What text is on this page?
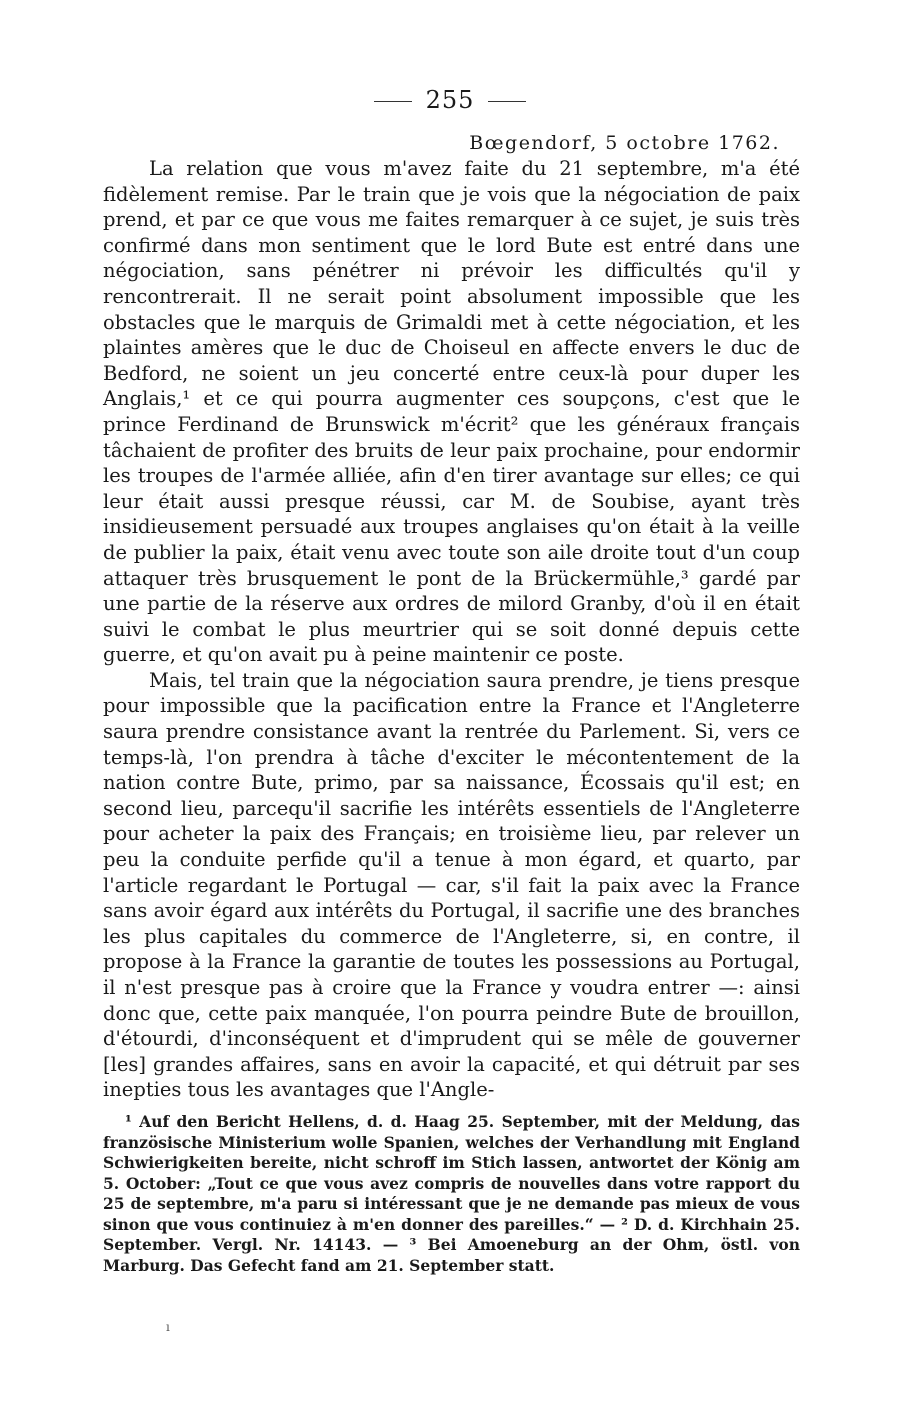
255
Bœgendorf, 5 octobre 1762.

La relation que vous m'avez faite du 21 septembre, m'a été fidèlement remise. Par le train que je vois que la négociation de paix prend, et par ce que vous me faites remarquer à ce sujet, je suis très confirmé dans mon sentiment que le lord Bute est entré dans une négociation, sans pénétrer ni prévoir les difficultés qu'il y rencontrerait. Il ne serait point absolument impossible que les obstacles que le marquis de Grimaldi met à cette négociation, et les plaintes amères que le duc de Choiseul en affecte envers le duc de Bedford, ne soient un jeu concerté entre ceux-là pour duper les Anglais,¹ et ce qui pourra augmenter ces soupçons, c'est que le prince Ferdinand de Brunswick m'écrit² que les généraux français tâchaient de profiter des bruits de leur paix prochaine, pour endormir les troupes de l'armée alliée, afin d'en tirer avantage sur elles; ce qui leur était aussi presque réussi, car M. de Soubise, ayant très insidieusement persuadé aux troupes anglaises qu'on était à la veille de publier la paix, était venu avec toute son aile droite tout d'un coup attaquer très brusquement le pont de la Brückermühle,³ gardé par une partie de la réserve aux ordres de milord Granby, d'où il en était suivi le combat le plus meurtrier qui se soit donné depuis cette guerre, et qu'on avait pu à peine maintenir ce poste.

Mais, tel train que la négociation saura prendre, je tiens presque pour impossible que la pacification entre la France et l'Angleterre saura prendre consistance avant la rentrée du Parlement. Si, vers ce temps-là, l'on prendra à tâche d'exciter le mécontentement de la nation contre Bute, primo, par sa naissance, Écossais qu'il est; en second lieu, parcequ'il sacrifie les intérêts essentiels de l'Angleterre pour acheter la paix des Français; en troisième lieu, par relever un peu la conduite perfide qu'il a tenue à mon égard, et quarto, par l'article regardant le Portugal — car, s'il fait la paix avec la France sans avoir égard aux intérêts du Portugal, il sacrifie une des branches les plus capitales du commerce de l'Angleterre, si, en contre, il propose à la France la garantie de toutes les possessions au Portugal, il n'est presque pas à croire que la France y voudra entrer —: ainsi donc que, cette paix manquée, l'on pourra peindre Bute de brouillon, d'étourdi, d'inconséquent et d'imprudent qui se mêle de gouverner [les] grandes affaires, sans en avoir la capacité, et qui détruit par ses inepties tous les avantages que l'Angle-

¹ Auf den Bericht Hellens, d. d. Haag 25. September, mit der Meldung, das französische Ministerium wolle Spanien, welches der Verhandlung mit England Schwierigkeiten bereite, nicht schroff im Stich lassen, antwortet der König am 5. October: „Tout ce que vous avez compris de nouvelles dans votre rapport du 25 de septembre, m'a paru si intéressant que je ne demande pas mieux de vous sinon que vous continuiez à m'en donner des pareilles.“ — ² D. d. Kirchhain 25. September. Vergl. Nr. 14143. — ³ Bei Amoeneburg an der Ohm, östl. von Marburg. Das Gefecht fand am 21. September statt.

ı
